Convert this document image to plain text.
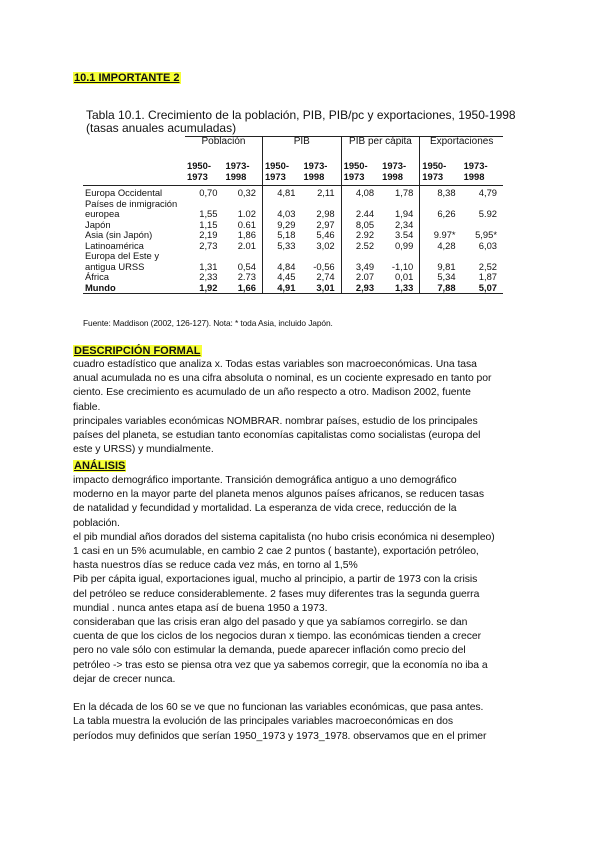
10.1 IMPORTANTE 2
Tabla 10.1. Crecimiento de la población, PIB, PIB/pc y exportaciones, 1950-1998 (tasas anuales acumuladas)
	Población		PIB		PIB per cápita		Exportaciones	
	1950-1973	1973-1998	1950-1973	1973-1998	1950-1973	1973-1998	1950-1973	1973-1998
Europa Occidental	0,70	0,32	4,81	2,11	4,08	1,78	8,38	4,79
Países de inmigración europea	1,55	1.02	4,03	2,98	2.44	1,94	6,26	5.92
Japón	1,15	0.61	9,29	2,97	8,05	2,34		
Asia (sin Japón)	2,19	1,86	5,18	5,46	2.92	3.54	9.97*	5,95*
Latinoamérica	2,73	2.01	5,33	3,02	2.52	0,99	4,28	6,03
Europa del Este y antigua URSS	1,31	0,54	4,84	-0,56	3,49	-1,10	9,81	2,52
África	2,33	2.73	4,45	2,74	2.07	0,01	5,34	1,87
Mundo	1,92	1,66	4,91	3,01	2,93	1,33	7,88	5,07
Fuente: Maddison (2002, 126-127). Nota: * toda Asia, incluido Japón.
DESCRIPCIÓN FORMAL

cuadro estadístico que analiza x. Todas estas variables son macroeconómicas. Una tasa

anual acumulada no es una cifra absoluta o nominal, es un cociente expresado en tanto por

ciento. Ese crecimiento es acumulado de un año respecto a otro. Madison 2002, fuente

fiable.

principales variables económicas NOMBRAR. nombrar países, estudio de los principales

países del planeta, se estudian tanto economías capitalistas como socialistas (europa del

este y URSS) y mundialmente.

ANÁLISIS

impacto demográfico importante. Transición demográfica antiguo a uno demográfico

moderno en la mayor parte del planeta menos algunos países africanos, se reducen tasas

de natalidad y fecundidad y mortalidad. La esperanza de vida crece, reducción de la

población.

el pib mundial años dorados del sistema capitalista (no hubo crisis económica ni desempleo)

1 casi en un 5% acumulable, en cambio 2 cae 2 puntos ( bastante), exportación petróleo,

hasta nuestros días se reduce cada vez más, en torno al 1,5%

Pib per cápita igual, exportaciones igual, mucho al principio, a partir de 1973 con la crisis

del petróleo se reduce considerablemente. 2 fases muy diferentes tras la segunda guerra

mundial . nunca antes etapa así de buena 1950 a 1973.

consideraban que las crisis eran algo del pasado y que ya sabíamos corregirlo. se dan

cuenta de que los ciclos de los negocios duran x tiempo. las económicas tienden a crecer

pero no vale sólo con estimular la demanda, puede aparecer inflación como precio del

petróleo -> tras esto se piensa otra vez que ya sabemos corregir, que la economía no iba a

dejar de crecer nunca.

En la década de los 60 se ve que no funcionan las variables económicas, que pasa antes.

La tabla muestra la evolución de las principales variables macroeconómicas en dos

períodos muy definidos que serían 1950_1973 y 1973_1978. observamos que en el primer
